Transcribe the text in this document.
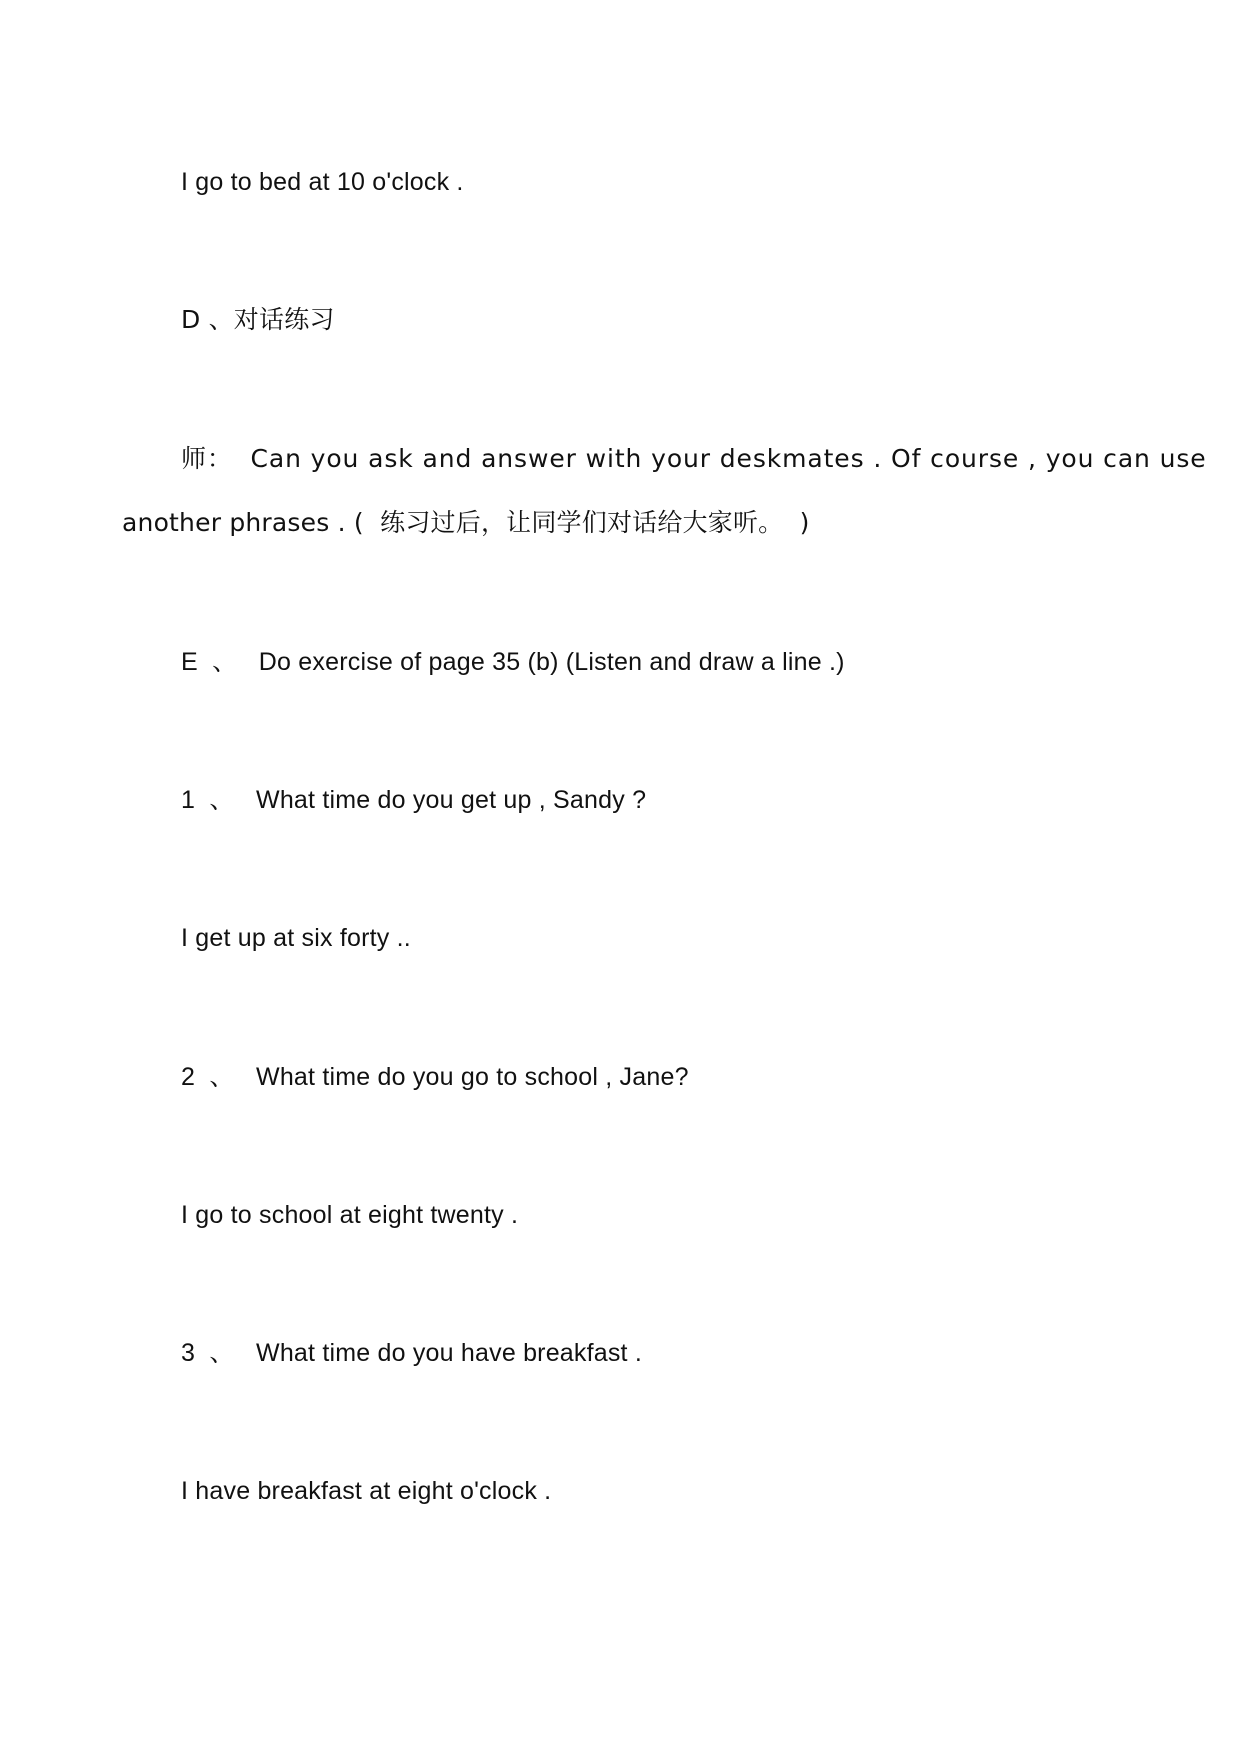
I go to bed at 10 o'clock .
D 、对话练习
师：  Can you ask and answer with your deskmates . Of course , you can use
another phrases . (  练习过后，让同学们对话给大家听。  )
E  、   Do exercise of page 35 (b) (Listen and draw a line .)
1  、   What time do you get up , Sandy ?
I get up at six forty ..
2  、   What time do you go to school , Jane?
I go to school at eight twenty .
3  、   What time do you have breakfast .
I have breakfast at eight o'clock .
